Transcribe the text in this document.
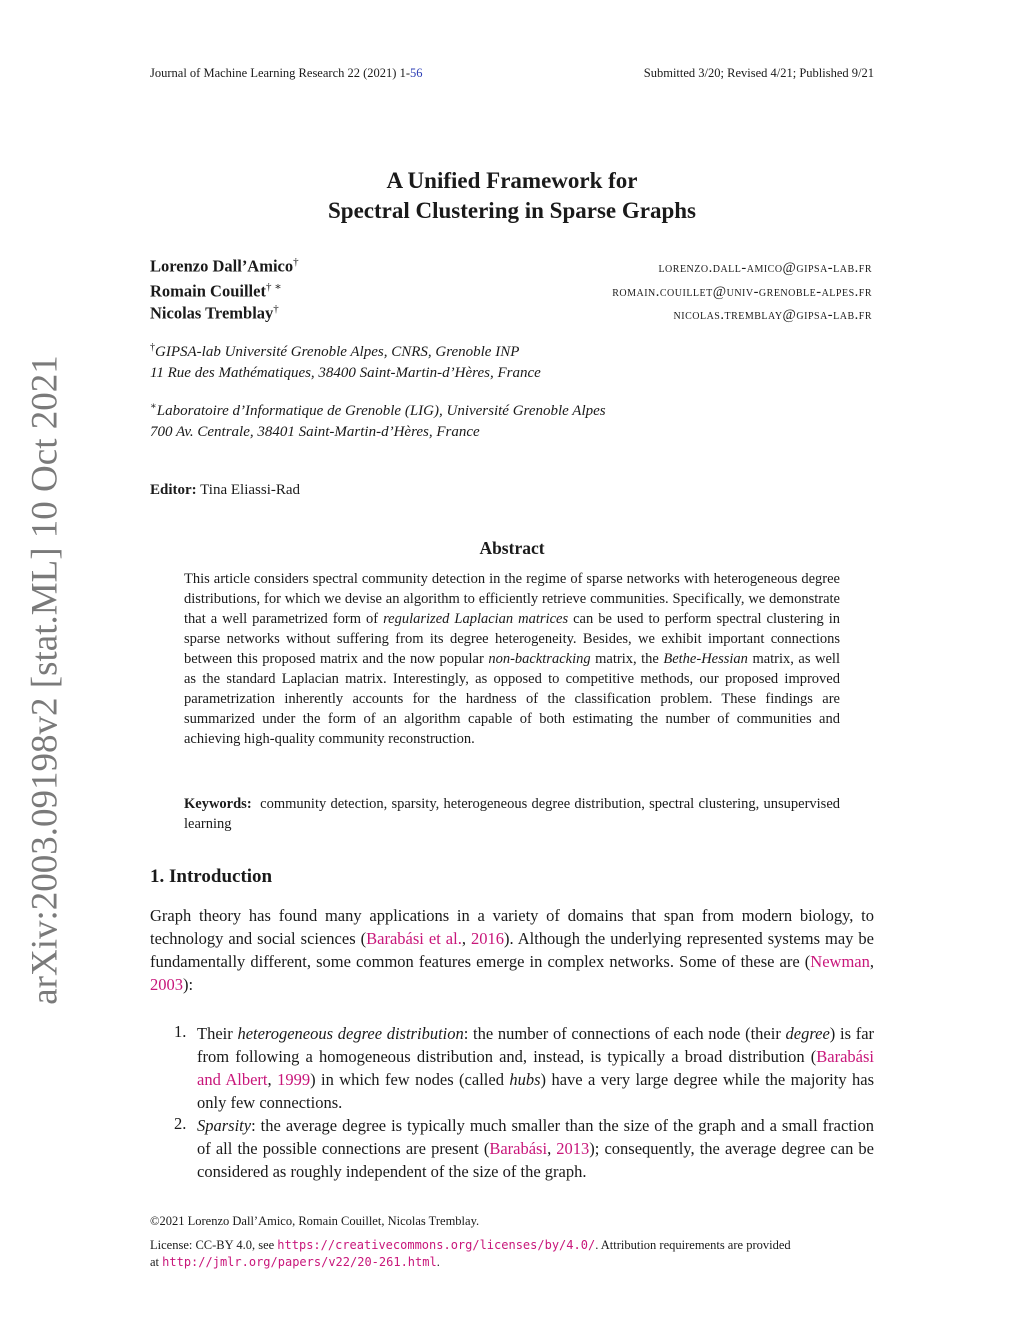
Journal of Machine Learning Research 22 (2021) 1-56	Submitted 3/20; Revised 4/21; Published 9/21
arXiv:2003.09198v2 [stat.ML] 10 Oct 2021
A Unified Framework for
Spectral Clustering in Sparse Graphs
Lorenzo Dall’Amico†	lorenzo.dall-amico@gipsa-lab.fr
Romain Couillet† ∗	romain.couillet@univ-grenoble-alpes.fr
Nicolas Tremblay†	nicolas.tremblay@gipsa-lab.fr
†GIPSA-lab Université Grenoble Alpes, CNRS, Grenoble INP
11 Rue des Mathématiques, 38400 Saint-Martin-d’Hères, France
∗Laboratoire d’Informatique de Grenoble (LIG), Université Grenoble Alpes
700 Av. Centrale, 38401 Saint-Martin-d’Hères, France
Editor: Tina Eliassi-Rad
Abstract
This article considers spectral community detection in the regime of sparse networks with heterogeneous degree distributions, for which we devise an algorithm to efficiently retrieve communities. Specifically, we demonstrate that a well parametrized form of regularized Laplacian matrices can be used to perform spectral clustering in sparse networks without suffering from its degree heterogeneity. Besides, we exhibit important connections between this proposed matrix and the now popular non-backtracking matrix, the Bethe-Hessian matrix, as well as the standard Laplacian matrix. Interestingly, as opposed to competitive methods, our proposed improved parametrization inherently accounts for the hardness of the classification problem. These findings are summarized under the form of an algorithm capable of both estimating the number of communities and achieving high-quality community reconstruction.
Keywords: community detection, sparsity, heterogeneous degree distribution, spectral clustering, unsupervised learning
1. Introduction
Graph theory has found many applications in a variety of domains that span from modern biology, to technology and social sciences (Barabási et al., 2016). Although the underlying represented systems may be fundamentally different, some common features emerge in complex networks. Some of these are (Newman, 2003):
1. Their heterogeneous degree distribution: the number of connections of each node (their degree) is far from following a homogeneous distribution and, instead, is typically a broad distribution (Barabási and Albert, 1999) in which few nodes (called hubs) have a very large degree while the majority has only few connections.
2. Sparsity: the average degree is typically much smaller than the size of the graph and a small fraction of all the possible connections are present (Barabási, 2013); consequently, the average degree can be considered as roughly independent of the size of the graph.
©2021 Lorenzo Dall’Amico, Romain Couillet, Nicolas Tremblay.
License: CC-BY 4.0, see https://creativecommons.org/licenses/by/4.0/. Attribution requirements are provided
at http://jmlr.org/papers/v22/20-261.html.
